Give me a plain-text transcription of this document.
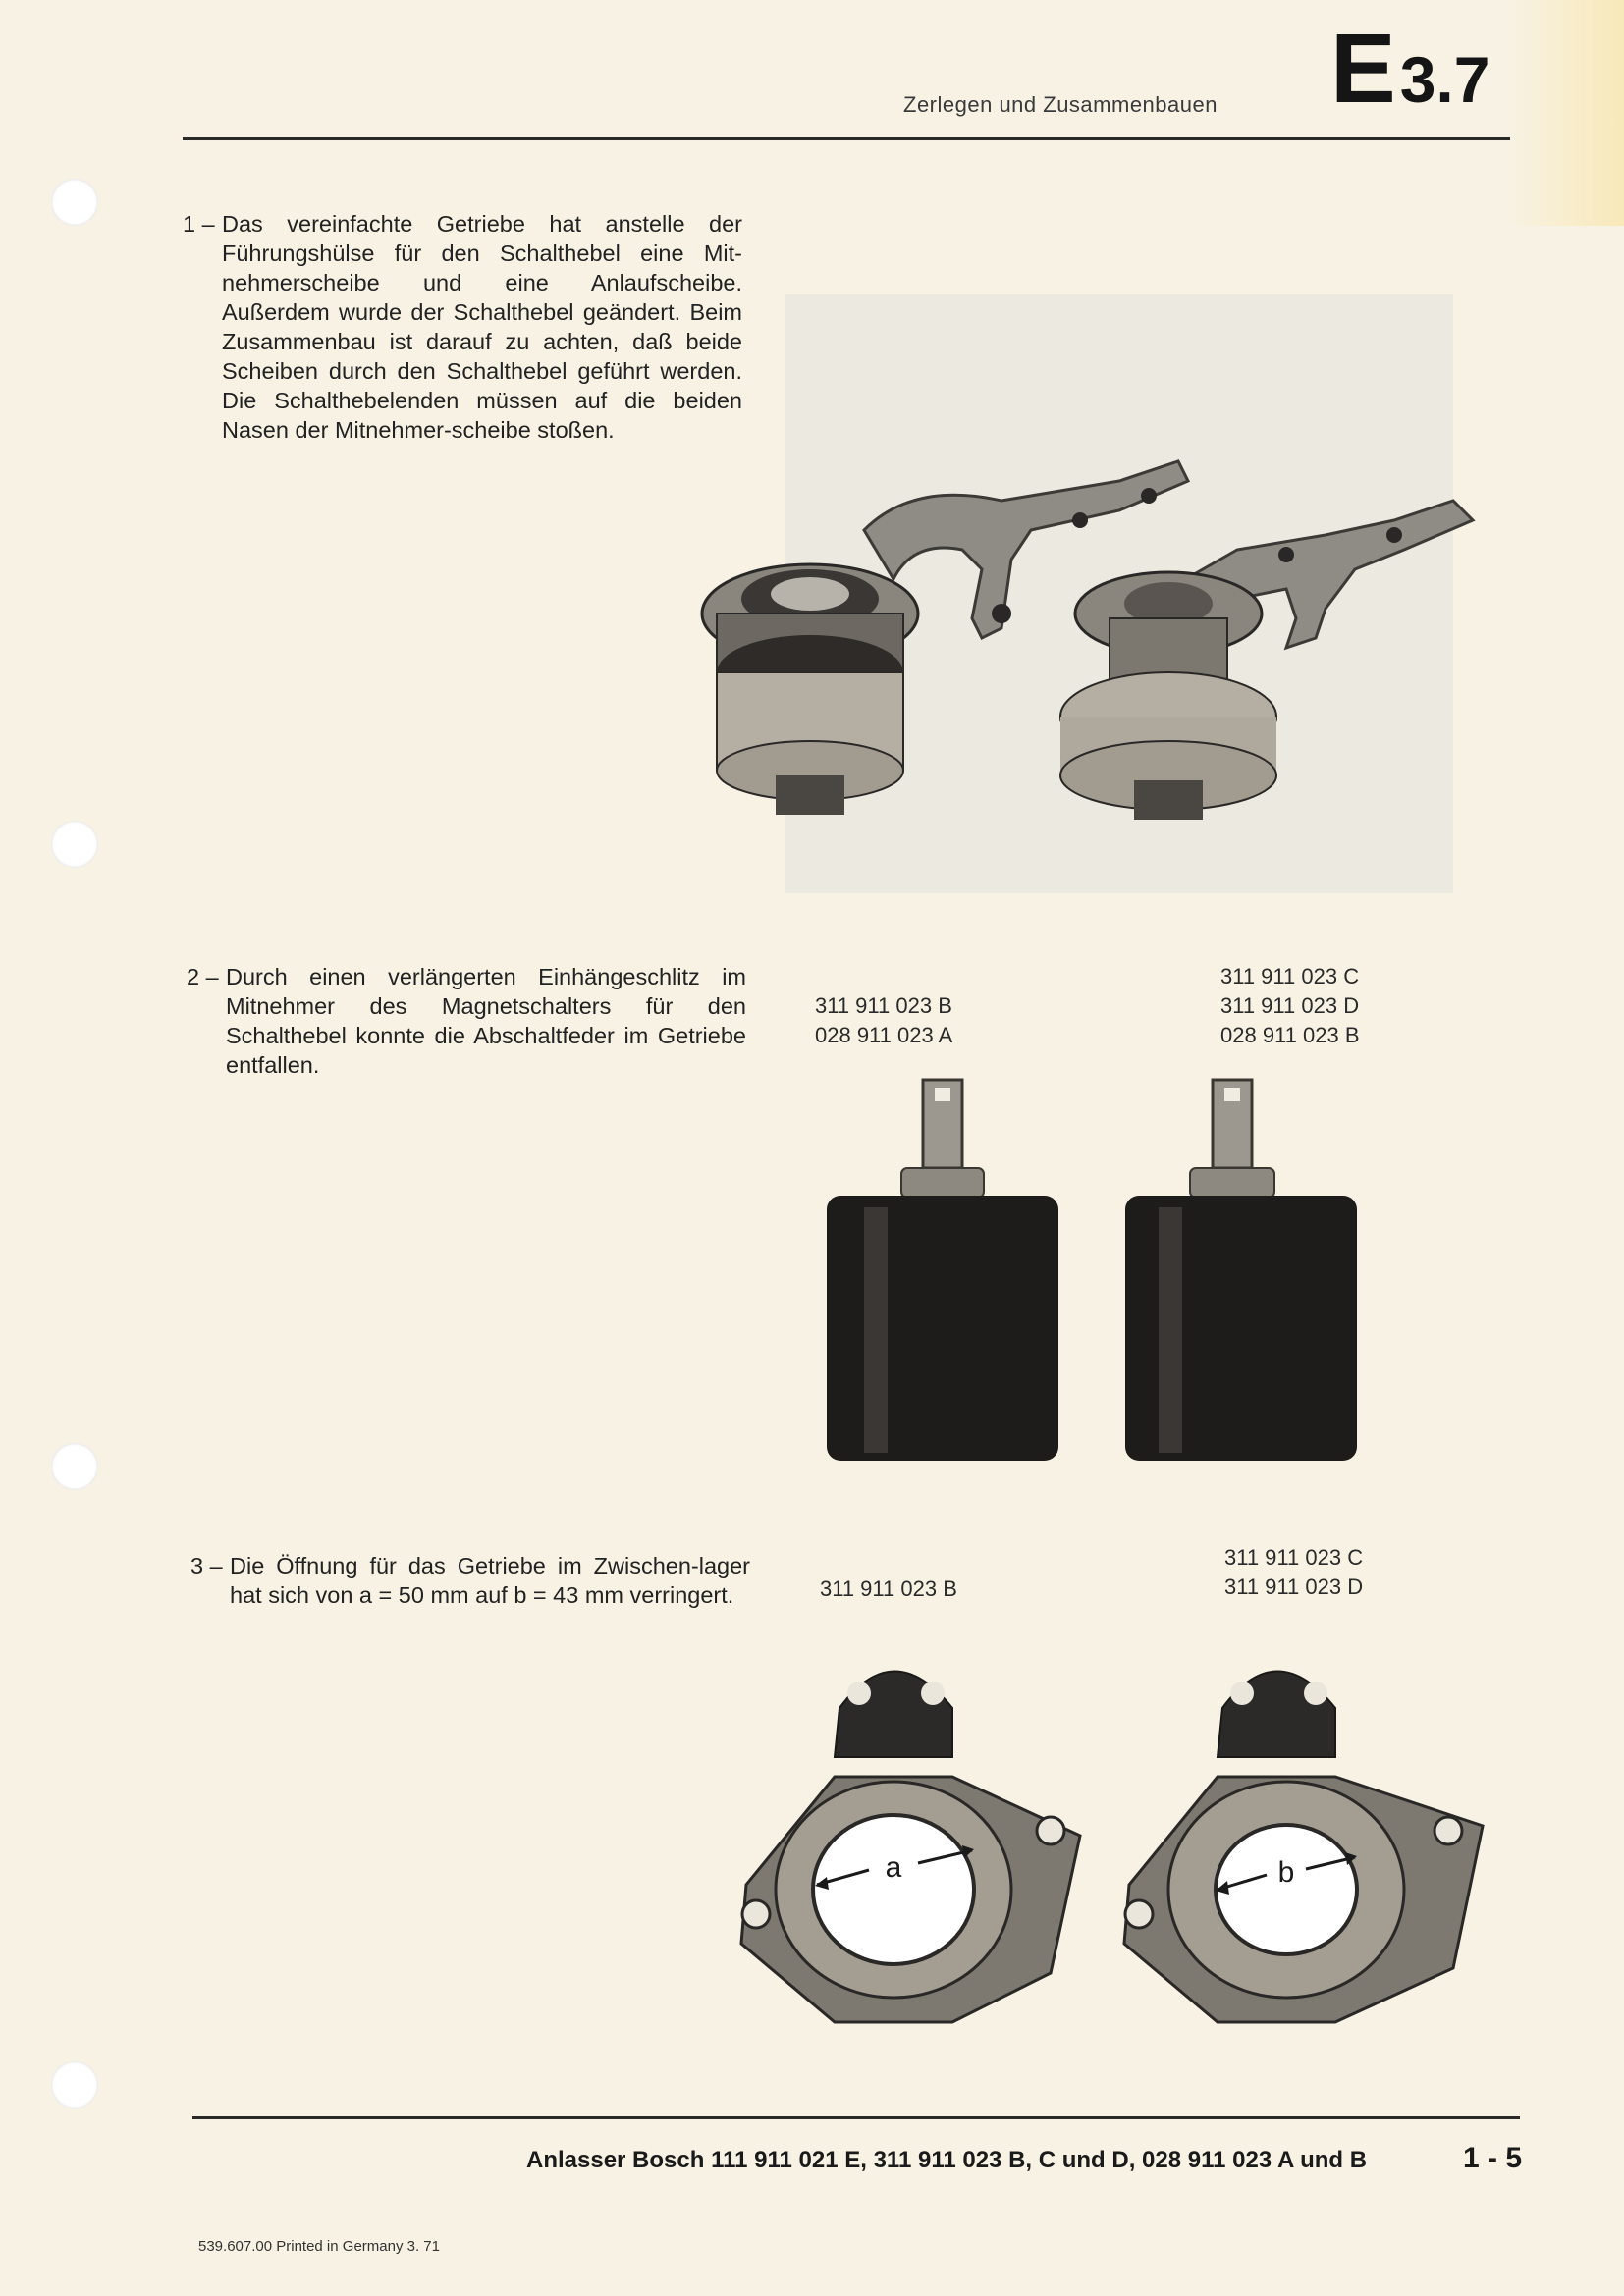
Zerlegen und Zusammenbauen E3.7
1 – Das vereinfachte Getriebe hat anstelle der Führungshülse für den Schalthebel eine Mit-nehmerscheibe und eine Anlaufscheibe. Außerdem wurde der Schalthebel geändert. Beim Zusammenbau ist darauf zu achten, daß beide Scheiben durch den Schalthebel geführt werden. Die Schalthebelenden müssen auf die beiden Nasen der Mitnehmer-scheibe stoßen.
2 – Durch einen verlängerten Einhängeschlitz im Mitnehmer des Magnetschalters für den Schalthebel konnte die Abschaltfeder im Getriebe entfallen.
311 911 023 B
028 911 023 A
311 911 023 C
311 911 023 D
028 911 023 B
3 – Die Öffnung für das Getriebe im Zwischen-lager hat sich von a = 50 mm auf b = 43 mm verringert.	311 911 023 B
311 911 023 C
311 911 023 D
a	b
Anlasser Bosch 111 911 021 E, 311 911 023 B, C und D, 028 911 023 A und B	1 - 5
539.607.00 Printed in Germany 3. 71
